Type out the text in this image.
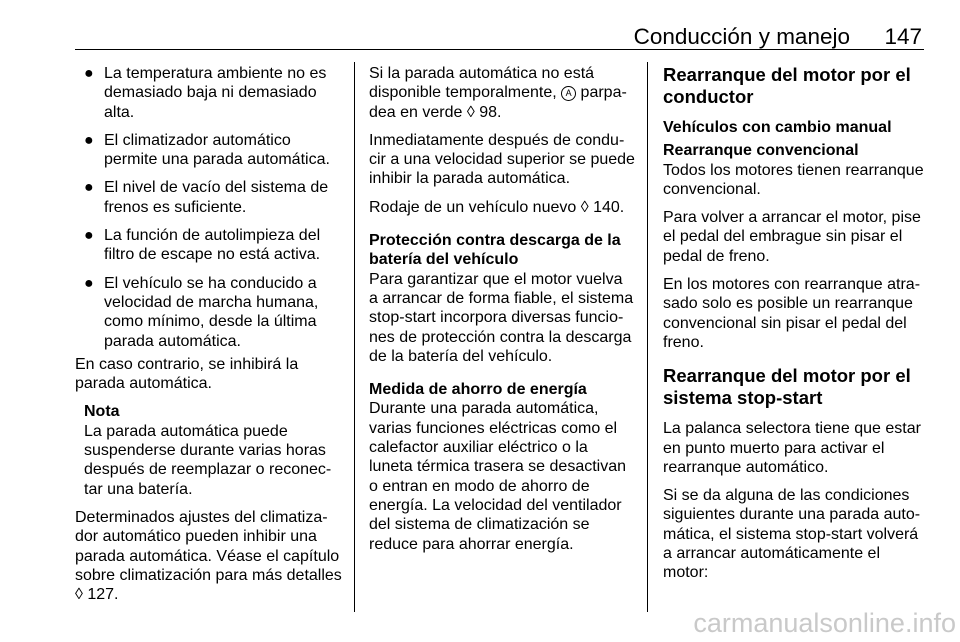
Conducción y manejo 147
● La temperatura ambiente no es demasiado baja ni demasiado alta.
● El climatizador automático permite una parada automática.
● El nivel de vacío del sistema de frenos es suficiente.
● La función de autolimpieza del filtro de escape no está activa.
● El vehículo se ha conducido a velocidad de marcha humana, como mínimo, desde la última parada automática.

En caso contrario, se inhibirá la parada automática.

Nota
La parada automática puede suspenderse durante varias horas después de reemplazar o reconec-tar una batería.

Determinados ajustes del climatiza-dor automático pueden inhibir una parada automática. Véase el capítulo sobre climatización para más detalles ◊ 127.

Si la parada automática no está disponible temporalmente, A parpa-dea en verde ◊ 98.

Inmediatamente después de condu-cir a una velocidad superior se puede inhibir la parada automática.

Rodaje de un vehículo nuevo ◊ 140.

Protección contra descarga de la batería del vehículo

Para garantizar que el motor vuelva a arrancar de forma fiable, el sistema stop-start incorpora diversas funcio-nes de protección contra la descarga de la batería del vehículo.

Medida de ahorro de energía

Durante una parada automática, varias funciones eléctricas como el calefactor auxiliar eléctrico o la luneta térmica trasera se desactivan o entran en modo de ahorro de energía. La velocidad del ventilador del sistema de climatización se reduce para ahorrar energía.

Rearranque del motor por el conductor
Vehículos con cambio manual
Rearranque convencional

Todos los motores tienen rearranque convencional.

Para volver a arrancar el motor, pise el pedal del embrague sin pisar el pedal de freno.

En los motores con rearranque atra-sado solo es posible un rearranque convencional sin pisar el pedal del freno.

Rearranque del motor por el sistema stop-start

La palanca selectora tiene que estar en punto muerto para activar el rearranque automático.

Si se da alguna de las condiciones siguientes durante una parada auto-mática, el sistema stop-start volverá a arrancar automáticamente el motor:

carmanualsonline.info
